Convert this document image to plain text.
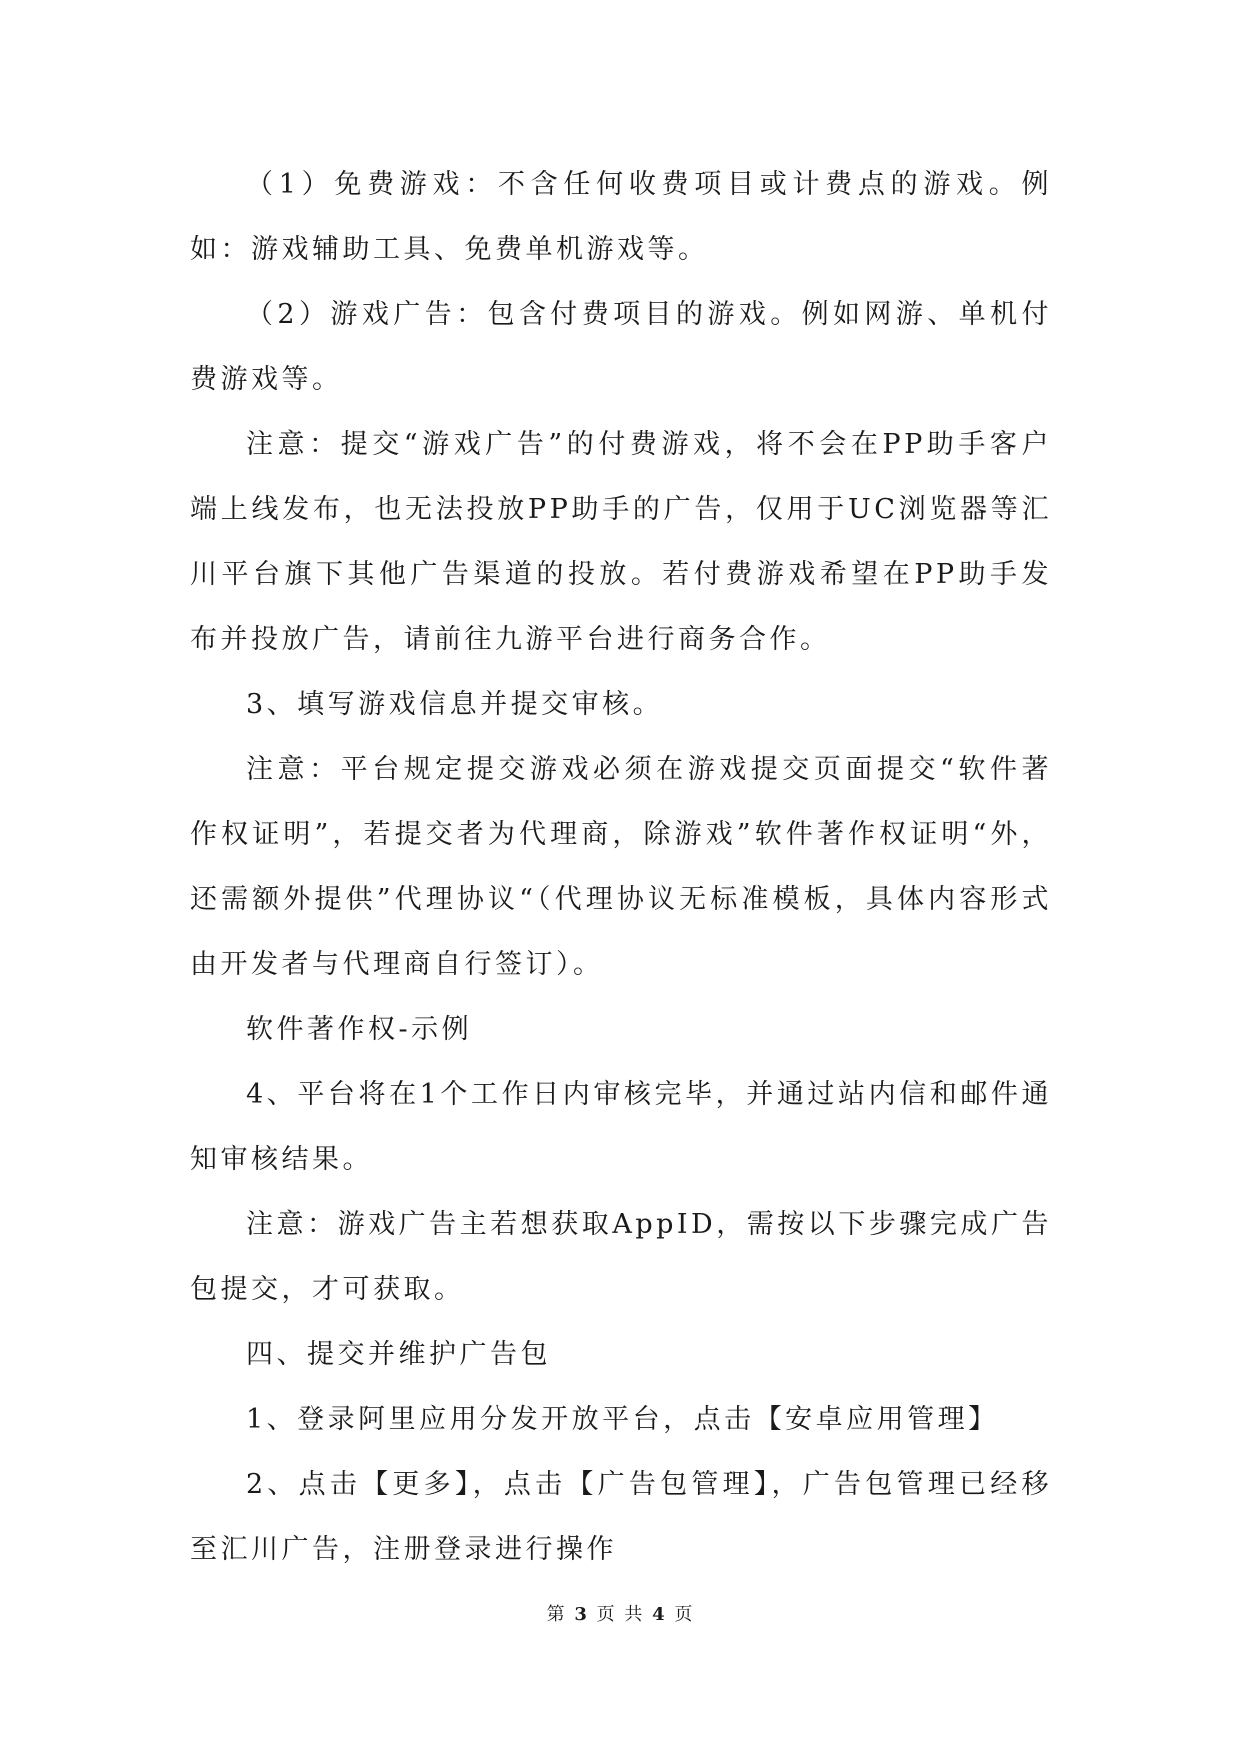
（1）免费游戏：不含任何收费项目或计费点的游戏。例如：游戏辅助工具、免费单机游戏等。

（2）游戏广告：包含付费项目的游戏。例如网游、单机付费游戏等。

注意：提交“游戏广告”的付费游戏，将不会在PP助手客户端上线发布，也无法投放PP助手的广告，仅用于UC浏览器等汇川平台旗下其他广告渠道的投放。若付费游戏希望在PP助手发布并投放广告，请前往九游平台进行商务合作。

3、填写游戏信息并提交审核。

注意：平台规定提交游戏必须在游戏提交页面提交“软件著作权证明”，若提交者为代理商，除游戏”软件著作权证明“外，还需额外提供”代理协议“（代理协议无标准模板，具体内容形式由开发者与代理商自行签订）。

软件著作权-示例

4、平台将在1个工作日内审核完毕，并通过站内信和邮件通知审核结果。

注意：游戏广告主若想获取AppID，需按以下步骤完成广告包提交，才可获取。

四、提交并维护广告包

1、登录阿里应用分发开放平台，点击【安卓应用管理】

2、点击【更多】，点击【广告包管理】，广告包管理已经移至汇川广告，注册登录进行操作

第 3 页 共 4 页
